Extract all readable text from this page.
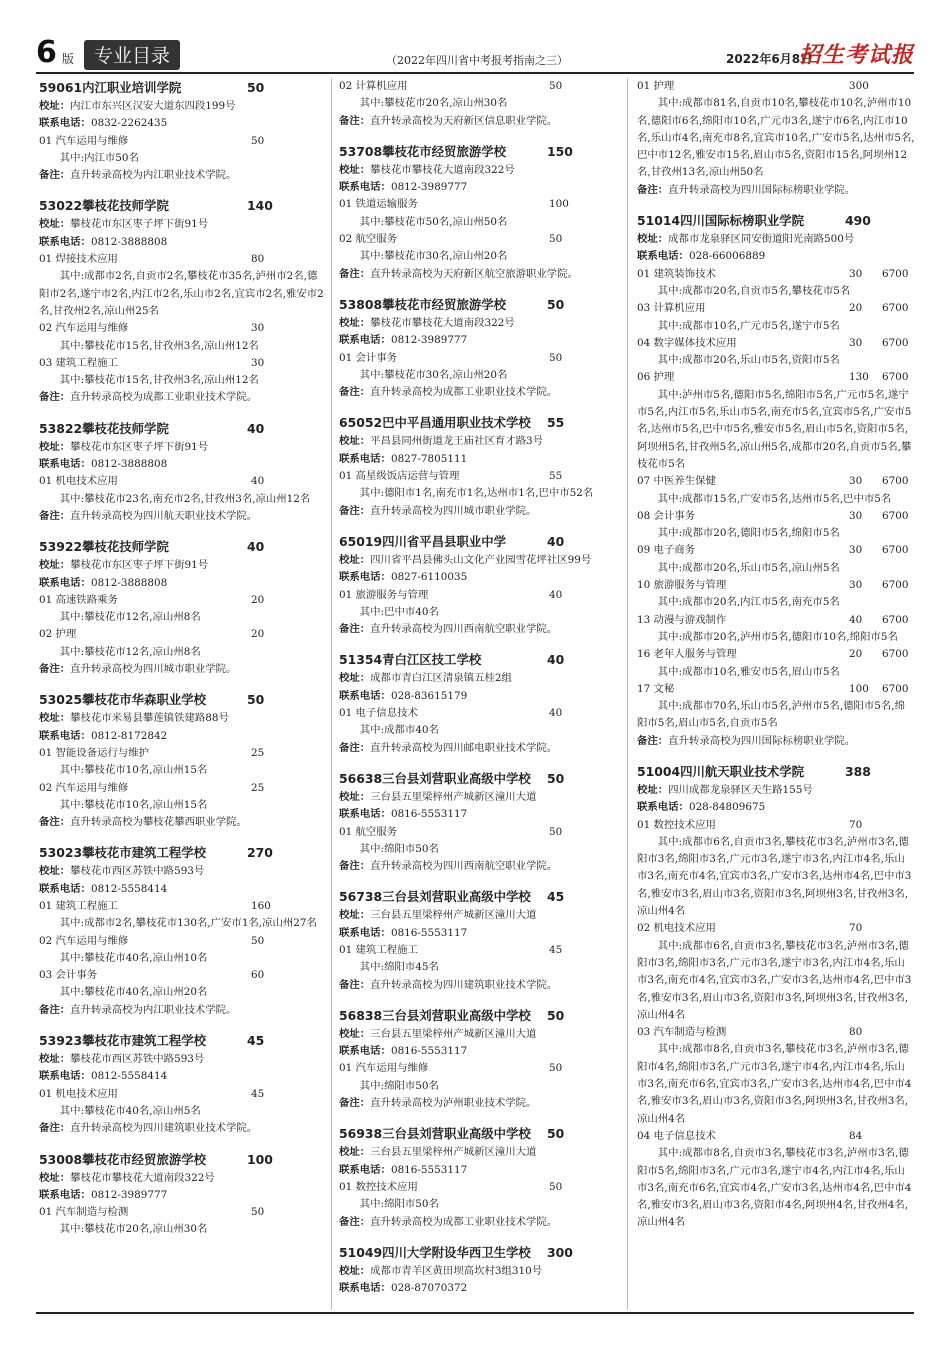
6 版	专业目录	（2022年四川省中考报考指南之三）	2022年6月8日
招生考试报
59061内江职业培训学院	50
校址：内江市东兴区汉安大道东四段199号
联系电话：0832-2262435
01 汽车运用与维修	50
其中:内江市50名
备注：直升转录高校为内江职业技术学院。
53022攀枝花技师学院	140
校址：攀枝花市东区枣子坪下街91号
联系电话：0812-3888808
01 焊接技术应用	80
其中:成都市2名,自贡市2名,攀枝花市35名,泸州市2名,德阳市2名,遂宁市2名,内江市2名,乐山市2名,宜宾市2名,雅安市2名,甘孜州2名,凉山州25名
02 汽车运用与维修	30
其中:攀枝花市15名,甘孜州3名,凉山州12名
03 建筑工程施工	30
其中:攀枝花市15名,甘孜州3名,凉山州12名
备注：直升转录高校为成都工业职业技术学院。
53822攀枝花技师学院	40
校址：攀枝花市东区枣子坪下街91号
联系电话：0812-3888808
01 机电技术应用	40
其中:攀枝花市23名,南充市2名,甘孜州3名,凉山州12名
备注：直升转录高校为四川航天职业技术学院。
53922攀枝花技师学院	40
校址：攀枝花市东区枣子坪下街91号
联系电话：0812-3888808
01 高速铁路乘务	20
其中:攀枝花市12名,凉山州8名
02 护理	20
其中:攀枝花市12名,凉山州8名
备注：直升转录高校为四川城市职业学院。
53025攀枝花市华森职业学校	50
校址：攀枝花市米易县攀莲镇铁建路88号
联系电话：0812-8172842
01 智能设备运行与维护	25
其中:攀枝花市10名,凉山州15名
02 汽车运用与维修	25
其中:攀枝花市10名,凉山州15名
备注：直升转录高校为攀枝花攀西职业学院。
53023攀枝花市建筑工程学校	270
校址：攀枝花市西区苏铁中路593号
联系电话：0812-5558414
01 建筑工程施工	160
其中:成都市2名,攀枝花市130名,广安市1名,凉山州27名
02 汽车运用与维修	50
其中:攀枝花市40名,凉山州10名
03 会计事务	60
其中:攀枝花市40名,凉山州20名
备注：直升转录高校为内江职业技术学院。
53923攀枝花市建筑工程学校	45
校址：攀枝花市西区苏铁中路593号
联系电话：0812-5558414
01 机电技术应用	45
其中:攀枝花市40名,凉山州5名
备注：直升转录高校为四川建筑职业技术学院。
53008攀枝花市经贸旅游学校	100
校址：攀枝花市攀枝花大道南段322号
联系电话：0812-3989777
01 汽车制造与检测	50
其中:攀枝花市20名,凉山州30名
02 计算机应用	50
其中:攀枝花市20名,凉山州30名
备注：直升转录高校为天府新区信息职业学院。
53708攀枝花市经贸旅游学校	150
校址：攀枝花市攀枝花大道南段322号
联系电话：0812-3989777
01 铁道运输服务	100
其中:攀枝花市50名,凉山州50名
02 航空服务	50
其中:攀枝花市30名,凉山州20名
备注：直升转录高校为天府新区航空旅游职业学院。
53808攀枝花市经贸旅游学校	50
校址：攀枝花市攀枝花大道南段322号
联系电话：0812-3989777
01 会计事务	50
其中:攀枝花市30名,凉山州20名
备注：直升转录高校为成都工业职业技术学院。
65052巴中平昌通用职业技术学校 55
校址：平昌县同州街道龙王庙社区育才路3号
联系电话：0827-7805111
01 高星级饭店运营与管理	55
其中:德阳市1名,南充市1名,达州市1名,巴中市52名
备注：直升转录高校为四川城市职业学院。
65019四川省平昌县职业中学	40
校址：四川省平昌县佛头山文化产业园雪花坪社区99号
联系电话：0827-6110035
01 旅游服务与管理	40
其中:巴中市40名
备注：直升转录高校为四川西南航空职业学院。
51354青白江区技工学校	40
校址：成都市青白江区清泉镇五桂2组
联系电话：028-83615179
01 电子信息技术	40
其中:成都市40名
备注：直升转录高校为四川邮电职业技术学院。
56638三台县刘营职业高级中学校 50
校址：三台县五里梁梓州产城新区潼川大道
联系电话：0816-5553117
01 航空服务	50
其中:绵阳市50名
备注：直升转录高校为四川西南航空职业学院。
56738三台县刘营职业高级中学校 45
校址：三台县五里梁梓州产城新区潼川大道
联系电话：0816-5553117
01 建筑工程施工	45
其中:绵阳市45名
备注：直升转录高校为四川建筑职业技术学院。
56838三台县刘营职业高级中学校 50
校址：三台县五里梁梓州产城新区潼川大道
联系电话：0816-5553117
01 汽车运用与维修	50
其中:绵阳市50名
备注：直升转录高校为泸州职业技术学院。
56938三台县刘营职业高级中学校 50
校址：三台县五里梁梓州产城新区潼川大道
联系电话：0816-5553117
01 数控技术应用	50
其中:绵阳市50名
备注：直升转录高校为成都工业职业技术学院。
51049四川大学附设华西卫生学校 300
校址：成都市青羊区黄田坝高坎村3组310号
联系电话：028-87070372
01 护理	300
其中:成都市81名,自贡市10名,攀枝花市10名,泸州市10名,德阳市6名,绵阳市10名,广元市3名,遂宁市6名,内江市10名,乐山市4名,南充市8名,宜宾市10名,广安市5名,达州市5名,巴中市12名,雅安市15名,眉山市5名,资阳市15名,阿坝州12名,甘孜州13名,凉山州50名
备注：直升转录高校为四川国际标榜职业学院。
51014四川国际标榜职业学院	490
校址：成都市龙泉驿区同安街道阳光南路500号
联系电话：028-66006889
01 建筑装饰技术	30 6700
其中:成都市20名,自贡市5名,攀枝花市5名
03 计算机应用	20 6700
其中:成都市10名,广元市5名,遂宁市5名
04 数字媒体技术应用	30 6700
其中:成都市20名,乐山市5名,资阳市5名
06 护理	130 6700
其中:泸州市5名,德阳市5名,绵阳市5名,广元市5名,遂宁市5名,内江市5名,乐山市5名,南充市5名,宜宾市5名,广安市5名,达州市5名,巴中市5名,雅安市5名,眉山市5名,资阳市5名,阿坝州5名,甘孜州5名,凉山州5名,成都市20名,自贡市5名,攀枝花市5名
07 中医养生保健	30 6700
其中:成都市15名,广安市5名,达州市5名,巴中市5名
08 会计事务	30 6700
其中:成都市20名,德阳市5名,绵阳市5名
09 电子商务	30 6700
其中:成都市20名,乐山市5名,凉山州5名
10 旅游服务与管理	30 6700
其中:成都市20名,内江市5名,南充市5名
13 动漫与游戏制作	40 6700
其中:成都市20名,泸州市5名,德阳市10名,绵阳市5名
16 老年人服务与管理	20 6700
其中:成都市10名,雅安市5名,眉山市5名
17 文秘	100 6700
其中:成都市70名,乐山市5名,泸州市5名,德阳市5名,绵阳市5名,眉山市5名,自贡市5名
备注：直升转录高校为四川国际标榜职业学院。
51004四川航天职业技术学院	388
校址：四川成都龙泉驿区天生路155号
联系电话：028-84809675
01 数控技术应用	70
其中:成都市6名,自贡市3名,攀枝花市3名,泸州市3名,德阳市3名,绵阳市3名,广元市3名,遂宁市3名,内江市4名,乐山市3名,南充市4名,宜宾市3名,广安市3名,达州市4名,巴中市3名,雅安市3名,眉山市3名,资阳市3名,阿坝州3名,甘孜州3名,凉山州4名
02 机电技术应用	70
其中:成都市6名,自贡市3名,攀枝花市3名,泸州市3名,德阳市3名,绵阳市3名,广元市3名,遂宁市3名,内江市4名,乐山市3名,南充市4名,宜宾市3名,广安市3名,达州市4名,巴中市3名,雅安市3名,眉山市3名,资阳市3名,阿坝州3名,甘孜州3名,凉山州4名
03 汽车制造与检测	80
其中:成都市8名,自贡市3名,攀枝花市3名,泸州市3名,德阳市4名,绵阳市3名,广元市3名,遂宁市4名,内江市4名,乐山市3名,南充市6名,宜宾市3名,广安市3名,达州市4名,巴中市4名,雅安市3名,眉山市3名,资阳市3名,阿坝州3名,甘孜州3名,凉山州4名
04 电子信息技术	84
其中:成都市8名,自贡市3名,攀枝花市3名,泸州市3名,德阳市5名,绵阳市3名,广元市3名,遂宁市4名,内江市4名,乐山市3名,南充市6名,宜宾市4名,广安市3名,达州市4名,巴中市4名,雅安市3名,眉山市3名,资阳市4名,阿坝州4名,甘孜州4名,凉山州4名
